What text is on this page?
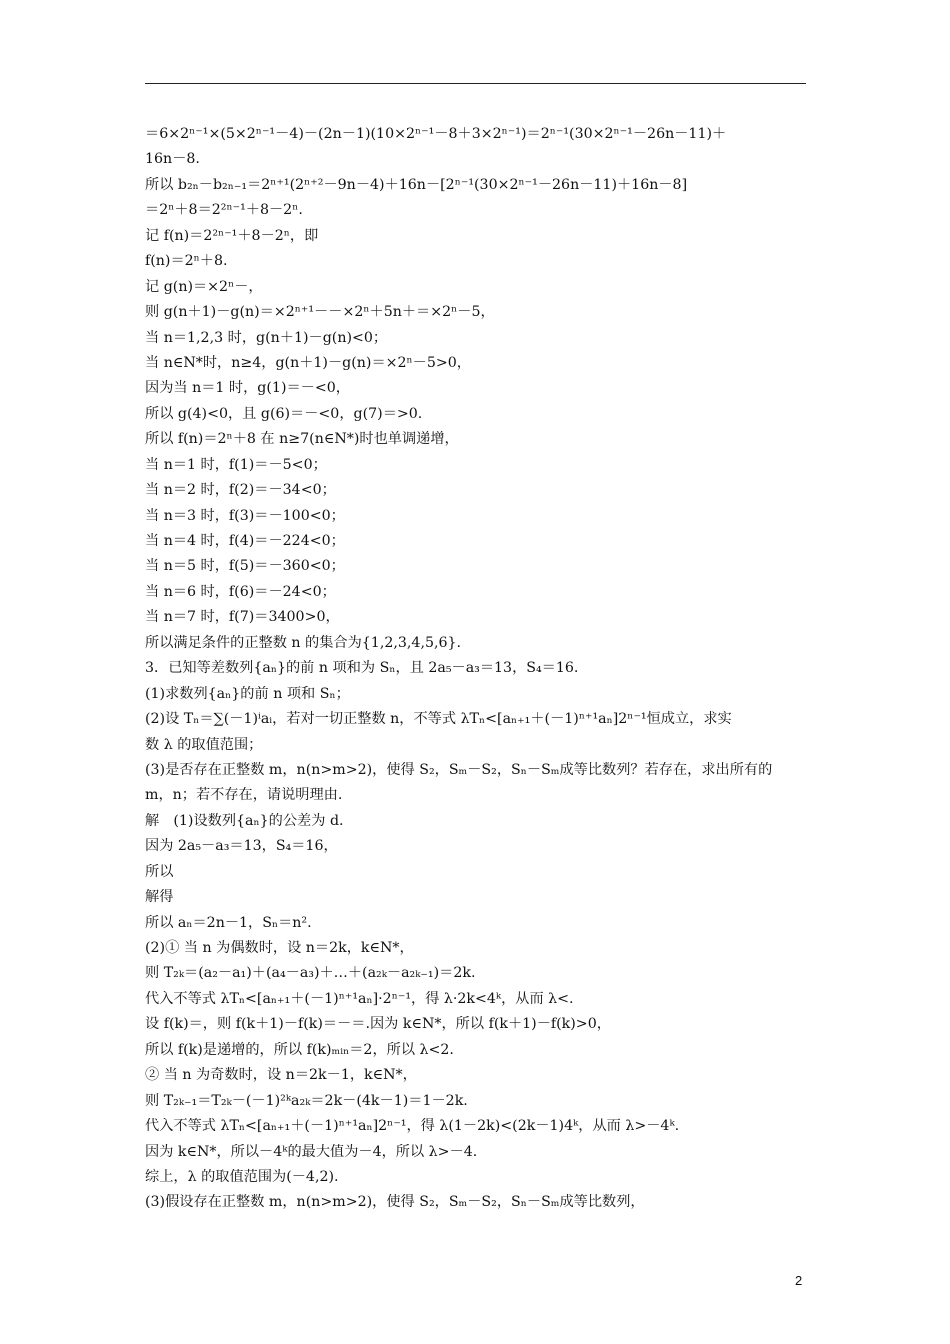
＝6×2ⁿ⁻¹×(5×2ⁿ⁻¹－4)－(2n－1)(10×2ⁿ⁻¹－8＋3×2ⁿ⁻¹)＝2ⁿ⁻¹(30×2ⁿ⁻¹－26n－11)＋
16n－8.
所以 b₂ₙ－b₂ₙ₋₁＝2ⁿ⁺¹(2ⁿ⁺²－9n－4)＋16n－[2ⁿ⁻¹(30×2ⁿ⁻¹－26n－11)＋16n－8]
＝2ⁿ＋8＝2²ⁿ⁻¹＋8－2ⁿ.
记 f(n)＝2²ⁿ⁻¹＋8－2ⁿ，即
f(n)＝2ⁿ＋8.
记 g(n)＝×2ⁿ－，
则 g(n＋1)－g(n)＝×2ⁿ⁺¹－－×2ⁿ＋5n＋＝×2ⁿ－5，
当 n＝1,2,3 时，g(n＋1)－g(n)<0；
当 n∈N*时，n≥4，g(n＋1)－g(n)＝×2ⁿ－5>0，
因为当 n＝1 时，g(1)＝－<0，
所以 g(4)<0，且 g(6)＝－<0，g(7)＝>0.
所以 f(n)＝2ⁿ＋8 在 n≥7(n∈N*)时也单调递增，
当 n＝1 时，f(1)＝－5<0；
当 n＝2 时，f(2)＝－34<0；
当 n＝3 时，f(3)＝－100<0；
当 n＝4 时，f(4)＝－224<0；
当 n＝5 时，f(5)＝－360<0；
当 n＝6 时，f(6)＝－24<0；
当 n＝7 时，f(7)＝3400>0，
所以满足条件的正整数 n 的集合为{1,2,3,4,5,6}.
3．已知等差数列{aₙ}的前 n 项和为 Sₙ，且 2a₅－a₃＝13，S₄＝16.
(1)求数列{aₙ}的前 n 项和 Sₙ；
(2)设 Tₙ＝∑(－1)ⁱaᵢ，若对一切正整数 n，不等式 λTₙ<[aₙ₊₁＋(－1)ⁿ⁺¹aₙ]2ⁿ⁻¹恒成立，求实
数 λ 的取值范围；
(3)是否存在正整数 m，n(n>m>2)，使得 S₂，Sₘ－S₂，Sₙ－Sₘ成等比数列？若存在，求出所有的
m，n；若不存在，请说明理由.
解　(1)设数列{aₙ}的公差为 d.
因为 2a₅－a₃＝13，S₄＝16，
所以
解得
所以 aₙ＝2n－1，Sₙ＝n².
(2)① 当 n 为偶数时，设 n＝2k，k∈N*，
则 T₂ₖ＝(a₂－a₁)＋(a₄－a₃)＋…＋(a₂ₖ－a₂ₖ₋₁)＝2k.
代入不等式 λTₙ<[aₙ₊₁＋(－1)ⁿ⁺¹aₙ]·2ⁿ⁻¹，得 λ·2k<4ᵏ，从而 λ<.
设 f(k)＝，则 f(k＋1)－f(k)＝－＝.因为 k∈N*，所以 f(k＋1)－f(k)>0，
所以 f(k)是递增的，所以 f(k)ₘᵢₙ＝2，所以 λ<2.
② 当 n 为奇数时，设 n＝2k－1，k∈N*，
则 T₂ₖ₋₁＝T₂ₖ－(－1)²ᵏa₂ₖ＝2k－(4k－1)＝1－2k.
代入不等式 λTₙ<[aₙ₊₁＋(－1)ⁿ⁺¹aₙ]2ⁿ⁻¹，得 λ(1－2k)<(2k－1)4ᵏ，从而 λ>－4ᵏ.
因为 k∈N*，所以－4ᵏ的最大值为－4，所以 λ>－4.
综上，λ 的取值范围为(－4,2).
(3)假设存在正整数 m，n(n>m>2)，使得 S₂，Sₘ－S₂，Sₙ－Sₘ成等比数列，
2
